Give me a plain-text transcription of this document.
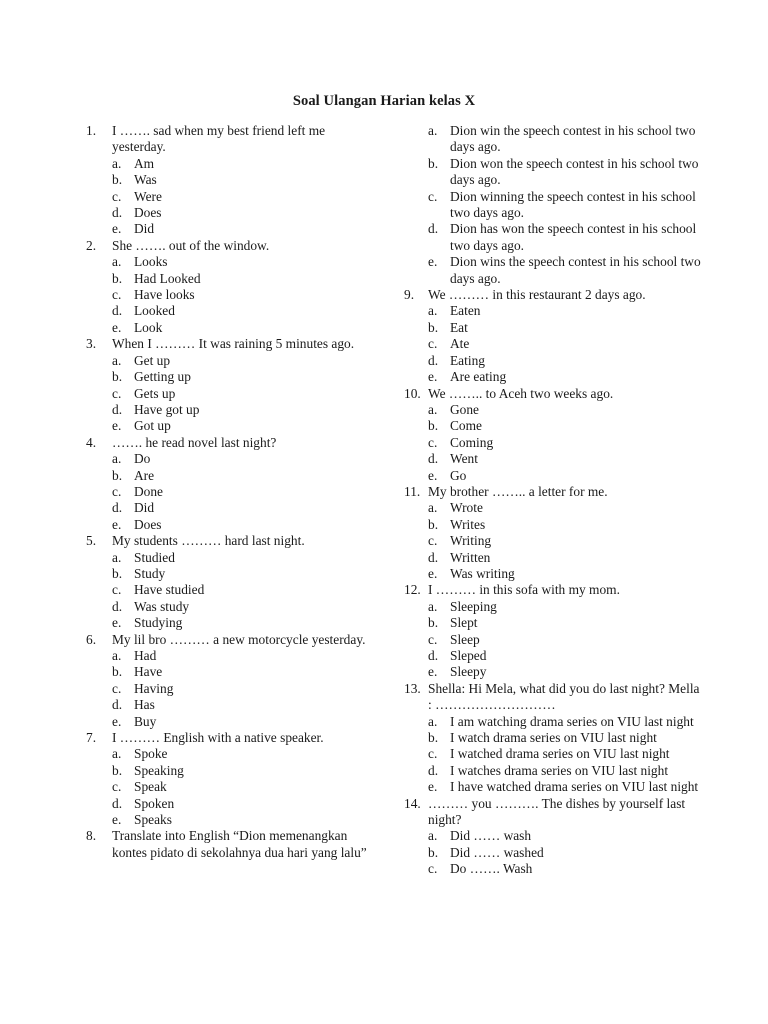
Soal Ulangan Harian kelas X
1.	I ……. sad when my best friend left me yesterday.
a. Am
b. Was
c. Were
d. Does
e. Did
2.	She ……. out of the window.
a. Looks
b. Had Looked
c. Have looks
d. Looked
e. Look
3.	When I ……… It was raining 5 minutes ago.
a. Get up
b. Getting up
c. Gets up
d. Have got up
e. Got up
4.	……. he read novel last night?
a. Do
b. Are
c. Done
d. Did
e. Does
5.	My students ……… hard last night.
a. Studied
b. Study
c. Have studied
d. Was study
e. Studying
6.	My lil bro ……… a new motorcycle yesterday.
a. Had
b. Have
c. Having
d. Has
e. Buy
7.	I ……… English with a native speaker.
a. Spoke
b. Speaking
c. Speak
d. Spoken
e. Speaks
8.	Translate into English “Dion memenangkan kontes pidato di sekolahnya dua hari yang lalu”
a. Dion win the speech contest in his school two days ago.
b. Dion won the speech contest in his school two days ago.
c. Dion winning the speech contest in his school two days ago.
d. Dion has won the speech contest in his school two days ago.
e. Dion wins the speech contest in his school two days ago.
9.	We ……… in this restaurant 2 days ago.
a. Eaten
b. Eat
c. Ate
d. Eating
e. Are eating
10. We …….. to Aceh two weeks ago.
a. Gone
b. Come
c. Coming
d. Went
e. Go
11. My brother …….. a letter for me.
a. Wrote
b. Writes
c. Writing
d. Written
e. Was writing
12. I ……… in this sofa with my mom.
a. Sleeping
b. Slept
c. Sleep
d. Sleped
e. Sleepy
13. Shella: Hi Mela, what did you do last night? Mella : ………………………
a. I am watching drama series on VIU last night
b. I watch drama series on VIU last night
c. I watched drama series on VIU last night
d. I watches drama series on VIU last night
e. I have watched drama series on VIU last night
14. ……… you ………. The dishes by yourself last night?
a. Did …… wash
b. Did …… washed
c. Do ……. Wash
